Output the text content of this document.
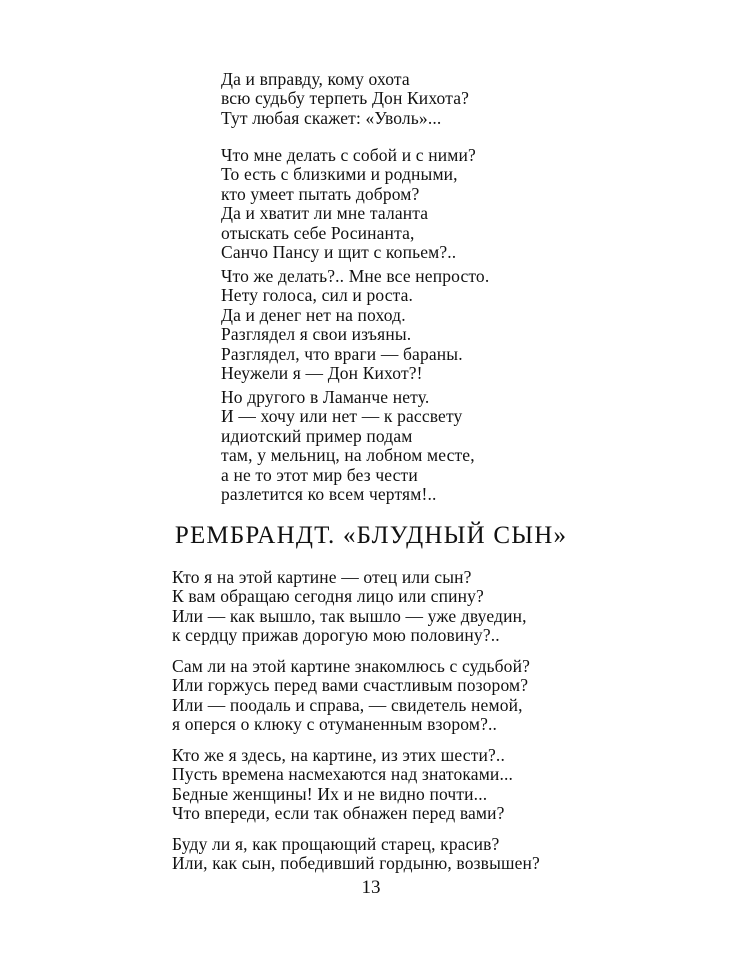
Да и вправду, кому охота
всю судьбу терпеть Дон Кихота?
Тут любая скажет: «Уволь»...
Что мне делать с собой и с ними?
То есть с близкими и родными,
кто умеет пытать добром?
Да и хватит ли мне таланта
отыскать себе Росинанта,
Санчо Пансу и щит с копьем?..
Что же делать?.. Мне все непросто.
Нету голоса, сил и роста.
Да и денег нет на поход.
Разглядел я свои изъяны.
Разглядел, что враги — бараны.
Неужели я — Дон Кихот?!
Но другого в Ламанче нету.
И — хочу или нет — к рассвету
идиотский пример подам
там, у мельниц, на лобном месте,
а не то этот мир без чести
разлетится ко всем чертям!..
РЕМБРАНДТ. «БЛУДНЫЙ СЫН»
Кто я на этой картине — отец или сын?
К вам обращаю сегодня лицо или спину?
Или — как вышло, так вышло — уже двуедин,
к сердцу прижав дорогую мою половину?..
Сам ли на этой картине знакомлюсь с судьбой?
Или горжусь перед вами счастливым позором?
Или — поодаль и справа, — свидетель немой,
я оперся о клюку с отуманенным взором?..
Кто же я здесь, на картине, из этих шести?..
Пусть времена насмехаются над знатоками...
Бедные женщины! Их и не видно почти...
Что впереди, если так обнажен перед вами?
Буду ли я, как прощающий старец, красив?
Или, как сын, победивший гордыню, возвышен?
13
